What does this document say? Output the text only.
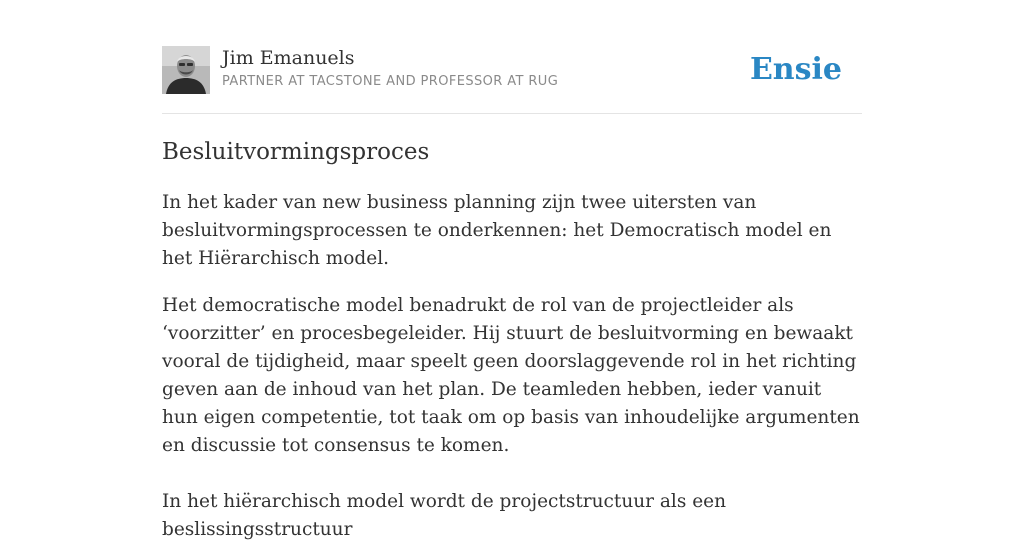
Jim Emanuels
PARTNER AT TACSTONE AND PROFESSOR AT RUG	Ensie
Besluitvormingsproces

In het kader van new business planning zijn twee uitersten van besluitvormingsprocessen te onderkennen: het Democratisch model en het Hiërarchisch model.

Het democratische model benadrukt de rol van de projectleider als ‘voorzitter’ en procesbegeleider. Hij stuurt de besluitvorming en bewaakt vooral de tijdigheid, maar speelt geen doorslaggevende rol in het richting geven aan de inhoud van het plan. De teamleden hebben, ieder vanuit hun eigen competentie, tot taak om op basis van inhoudelijke argumenten en discussie tot consensus te komen.

In het hiërarchisch model wordt de projectstructuur als een beslissingsstructuur
